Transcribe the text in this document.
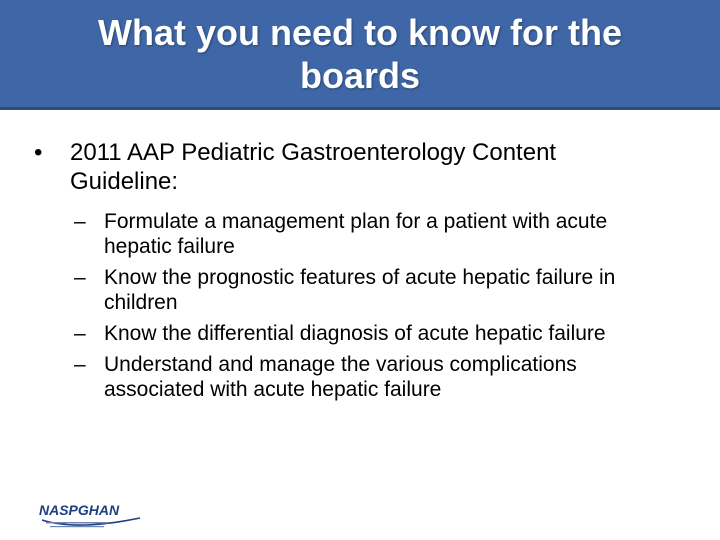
What you need to know for the boards
• 2011 AAP Pediatric Gastroenterology Content Guideline:
– Formulate a management plan for a patient with acute hepatic failure
– Know the prognostic features of acute hepatic failure in children
– Know the differential diagnosis of acute hepatic failure
– Understand and manage the various complications associated with acute hepatic failure
NASPGHAN
